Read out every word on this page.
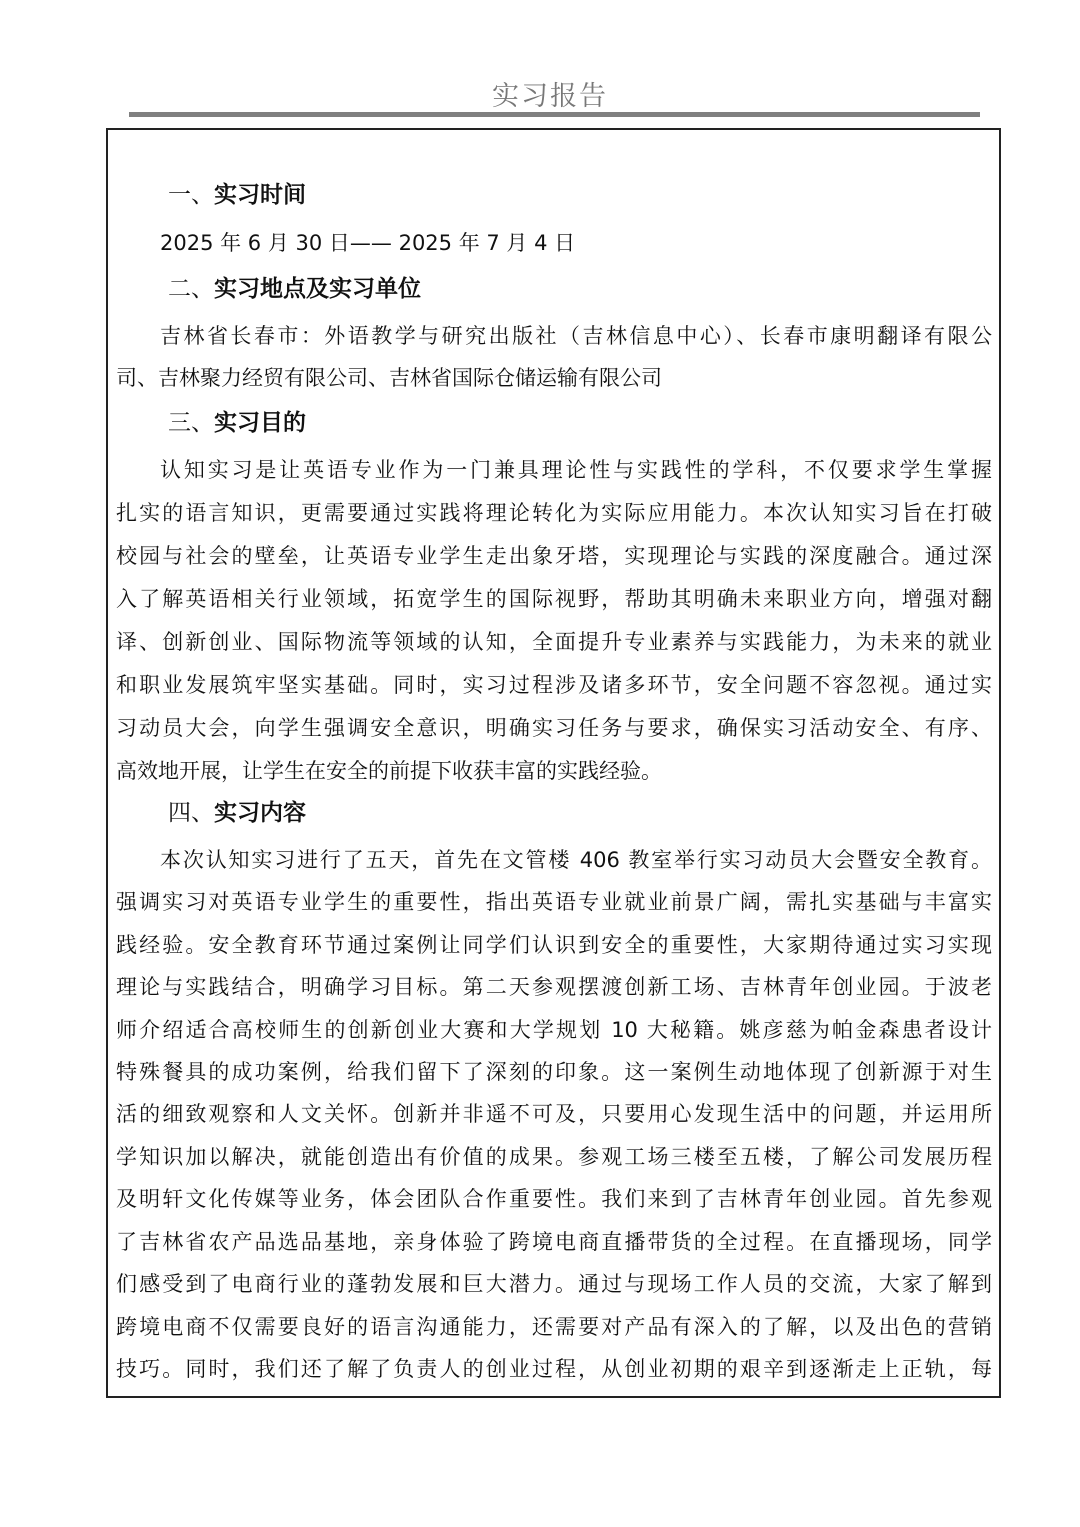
实习报告
一、实习时间
2025 年 6 月 30 日—— 2025 年 7 月 4 日
二、实习地点及实习单位
吉林省长春市：外语教学与研究出版社（吉林信息中心）、长春市康明翻译有限公
司、吉林聚力经贸有限公司、吉林省国际仓储运输有限公司
三、实习目的
认知实习是让英语专业作为一门兼具理论性与实践性的学科，不仅要求学生掌握
扎实的语言知识，更需要通过实践将理论转化为实际应用能力。本次认知实习旨在打破
校园与社会的壁垒，让英语专业学生走出象牙塔，实现理论与实践的深度融合。通过深
入了解英语相关行业领域，拓宽学生的国际视野，帮助其明确未来职业方向，增强对翻
译、创新创业、国际物流等领域的认知，全面提升专业素养与实践能力，为未来的就业
和职业发展筑牢坚实基础。同时，实习过程涉及诸多环节，安全问题不容忽视。通过实
习动员大会，向学生强调安全意识，明确实习任务与要求，确保实习活动安全、有序、
高效地开展，让学生在安全的前提下收获丰富的实践经验。
四、实习内容
本次认知实习进行了五天，首先在文管楼 406 教室举行实习动员大会暨安全教育。
强调实习对英语专业学生的重要性，指出英语专业就业前景广阔，需扎实基础与丰富实
践经验。安全教育环节通过案例让同学们认识到安全的重要性，大家期待通过实习实现
理论与实践结合，明确学习目标。第二天参观摆渡创新工场、吉林青年创业园。于波老
师介绍适合高校师生的创新创业大赛和大学规划 10 大秘籍。姚彦慈为帕金森患者设计
特殊餐具的成功案例，给我们留下了深刻的印象。这一案例生动地体现了创新源于对生
活的细致观察和人文关怀。创新并非遥不可及，只要用心发现生活中的问题，并运用所
学知识加以解决，就能创造出有价值的成果。参观工场三楼至五楼，了解公司发展历程
及明轩文化传媒等业务，体会团队合作重要性。我们来到了吉林青年创业园。首先参观
了吉林省农产品选品基地，亲身体验了跨境电商直播带货的全过程。在直播现场，同学
们感受到了电商行业的蓬勃发展和巨大潜力。通过与现场工作人员的交流，大家了解到
跨境电商不仅需要良好的语言沟通能力，还需要对产品有深入的了解，以及出色的营销
技巧。同时，我们还了解了负责人的创业过程，从创业初期的艰辛到逐渐走上正轨，每
